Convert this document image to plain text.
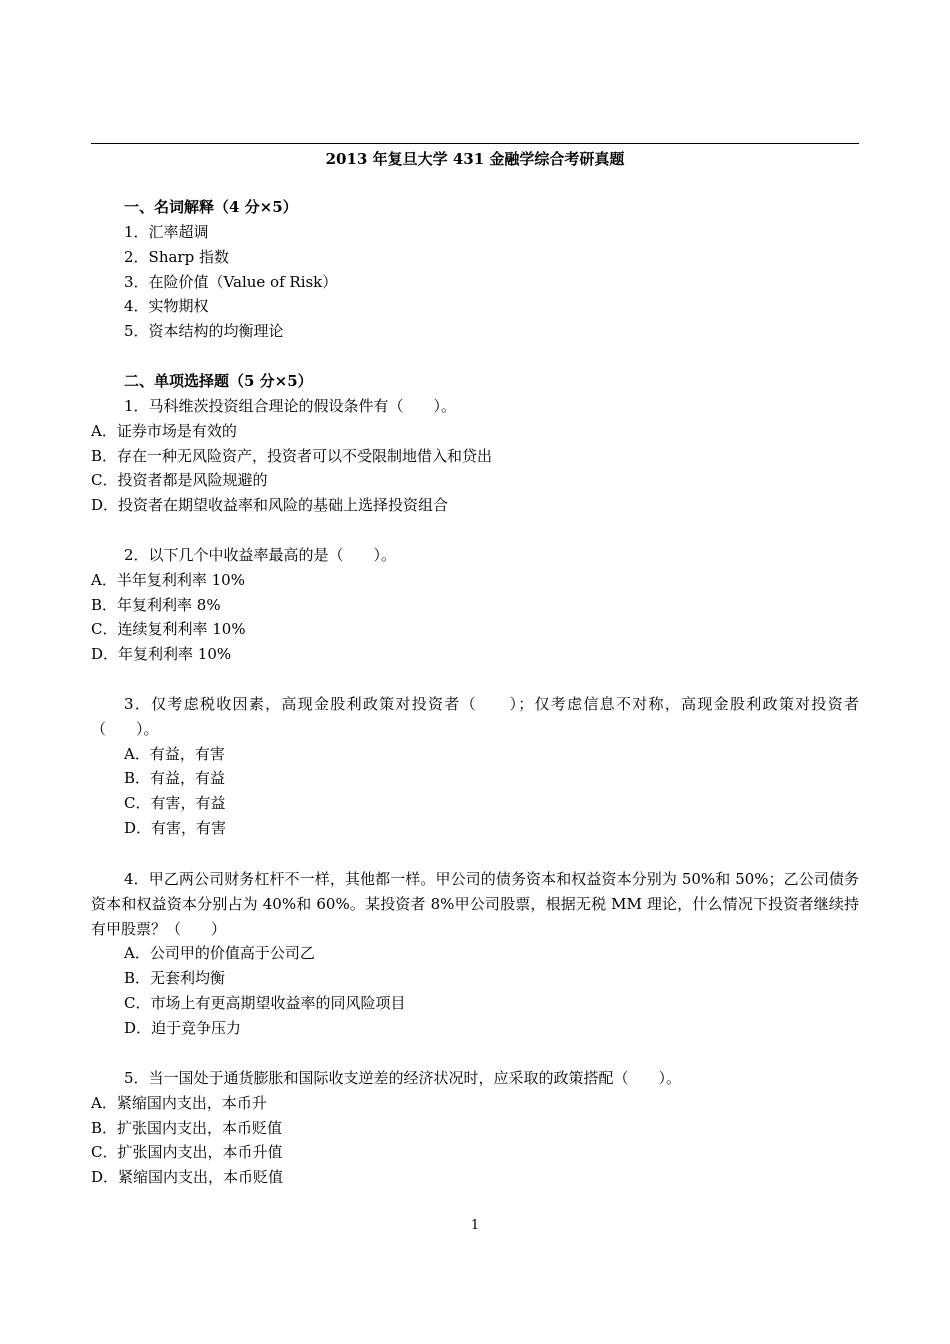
2013 年复旦大学 431 金融学综合考研真题
一、名词解释（4 分×5）
1．汇率超调
2．Sharp 指数
3．在险价值（Value of Risk）
4．实物期权
5．资本结构的均衡理论
二、单项选择题（5 分×5）
1．马科维茨投资组合理论的假设条件有（　　）。
A．证券市场是有效的
B．存在一种无风险资产，投资者可以不受限制地借入和贷出
C．投资者都是风险规避的
D．投资者在期望收益率和风险的基础上选择投资组合
2．以下几个中收益率最高的是（　　）。
A．半年复利利率 10%
B．年复利利率 8%
C．连续复利利率 10%
D．年复利利率 10%

3．仅考虑税收因素，高现金股利政策对投资者（　　）；仅考虑信息不对称，高现金股利政策对投资者（　　）。

A．有益，有害
B．有益，有益
C．有害，有益
D．有害，有害

4．甲乙两公司财务杠杆不一样，其他都一样。甲公司的债务资本和权益资本分别为 50%和 50%；乙公司债务资本和权益资本分别占为 40%和 60%。某投资者 8%甲公司股票，根据无税 MM 理论，什么情况下投资者继续持有甲股票？（　　）

A．公司甲的价值高于公司乙
B．无套利均衡
C．市场上有更高期望收益率的同风险项目
D．迫于竞争压力
5．当一国处于通货膨胀和国际收支逆差的经济状况时，应采取的政策搭配（　　）。
A．紧缩国内支出，本币升
B．扩张国内支出，本币贬值
C．扩张国内支出，本币升值
D．紧缩国内支出，本币贬值
1
